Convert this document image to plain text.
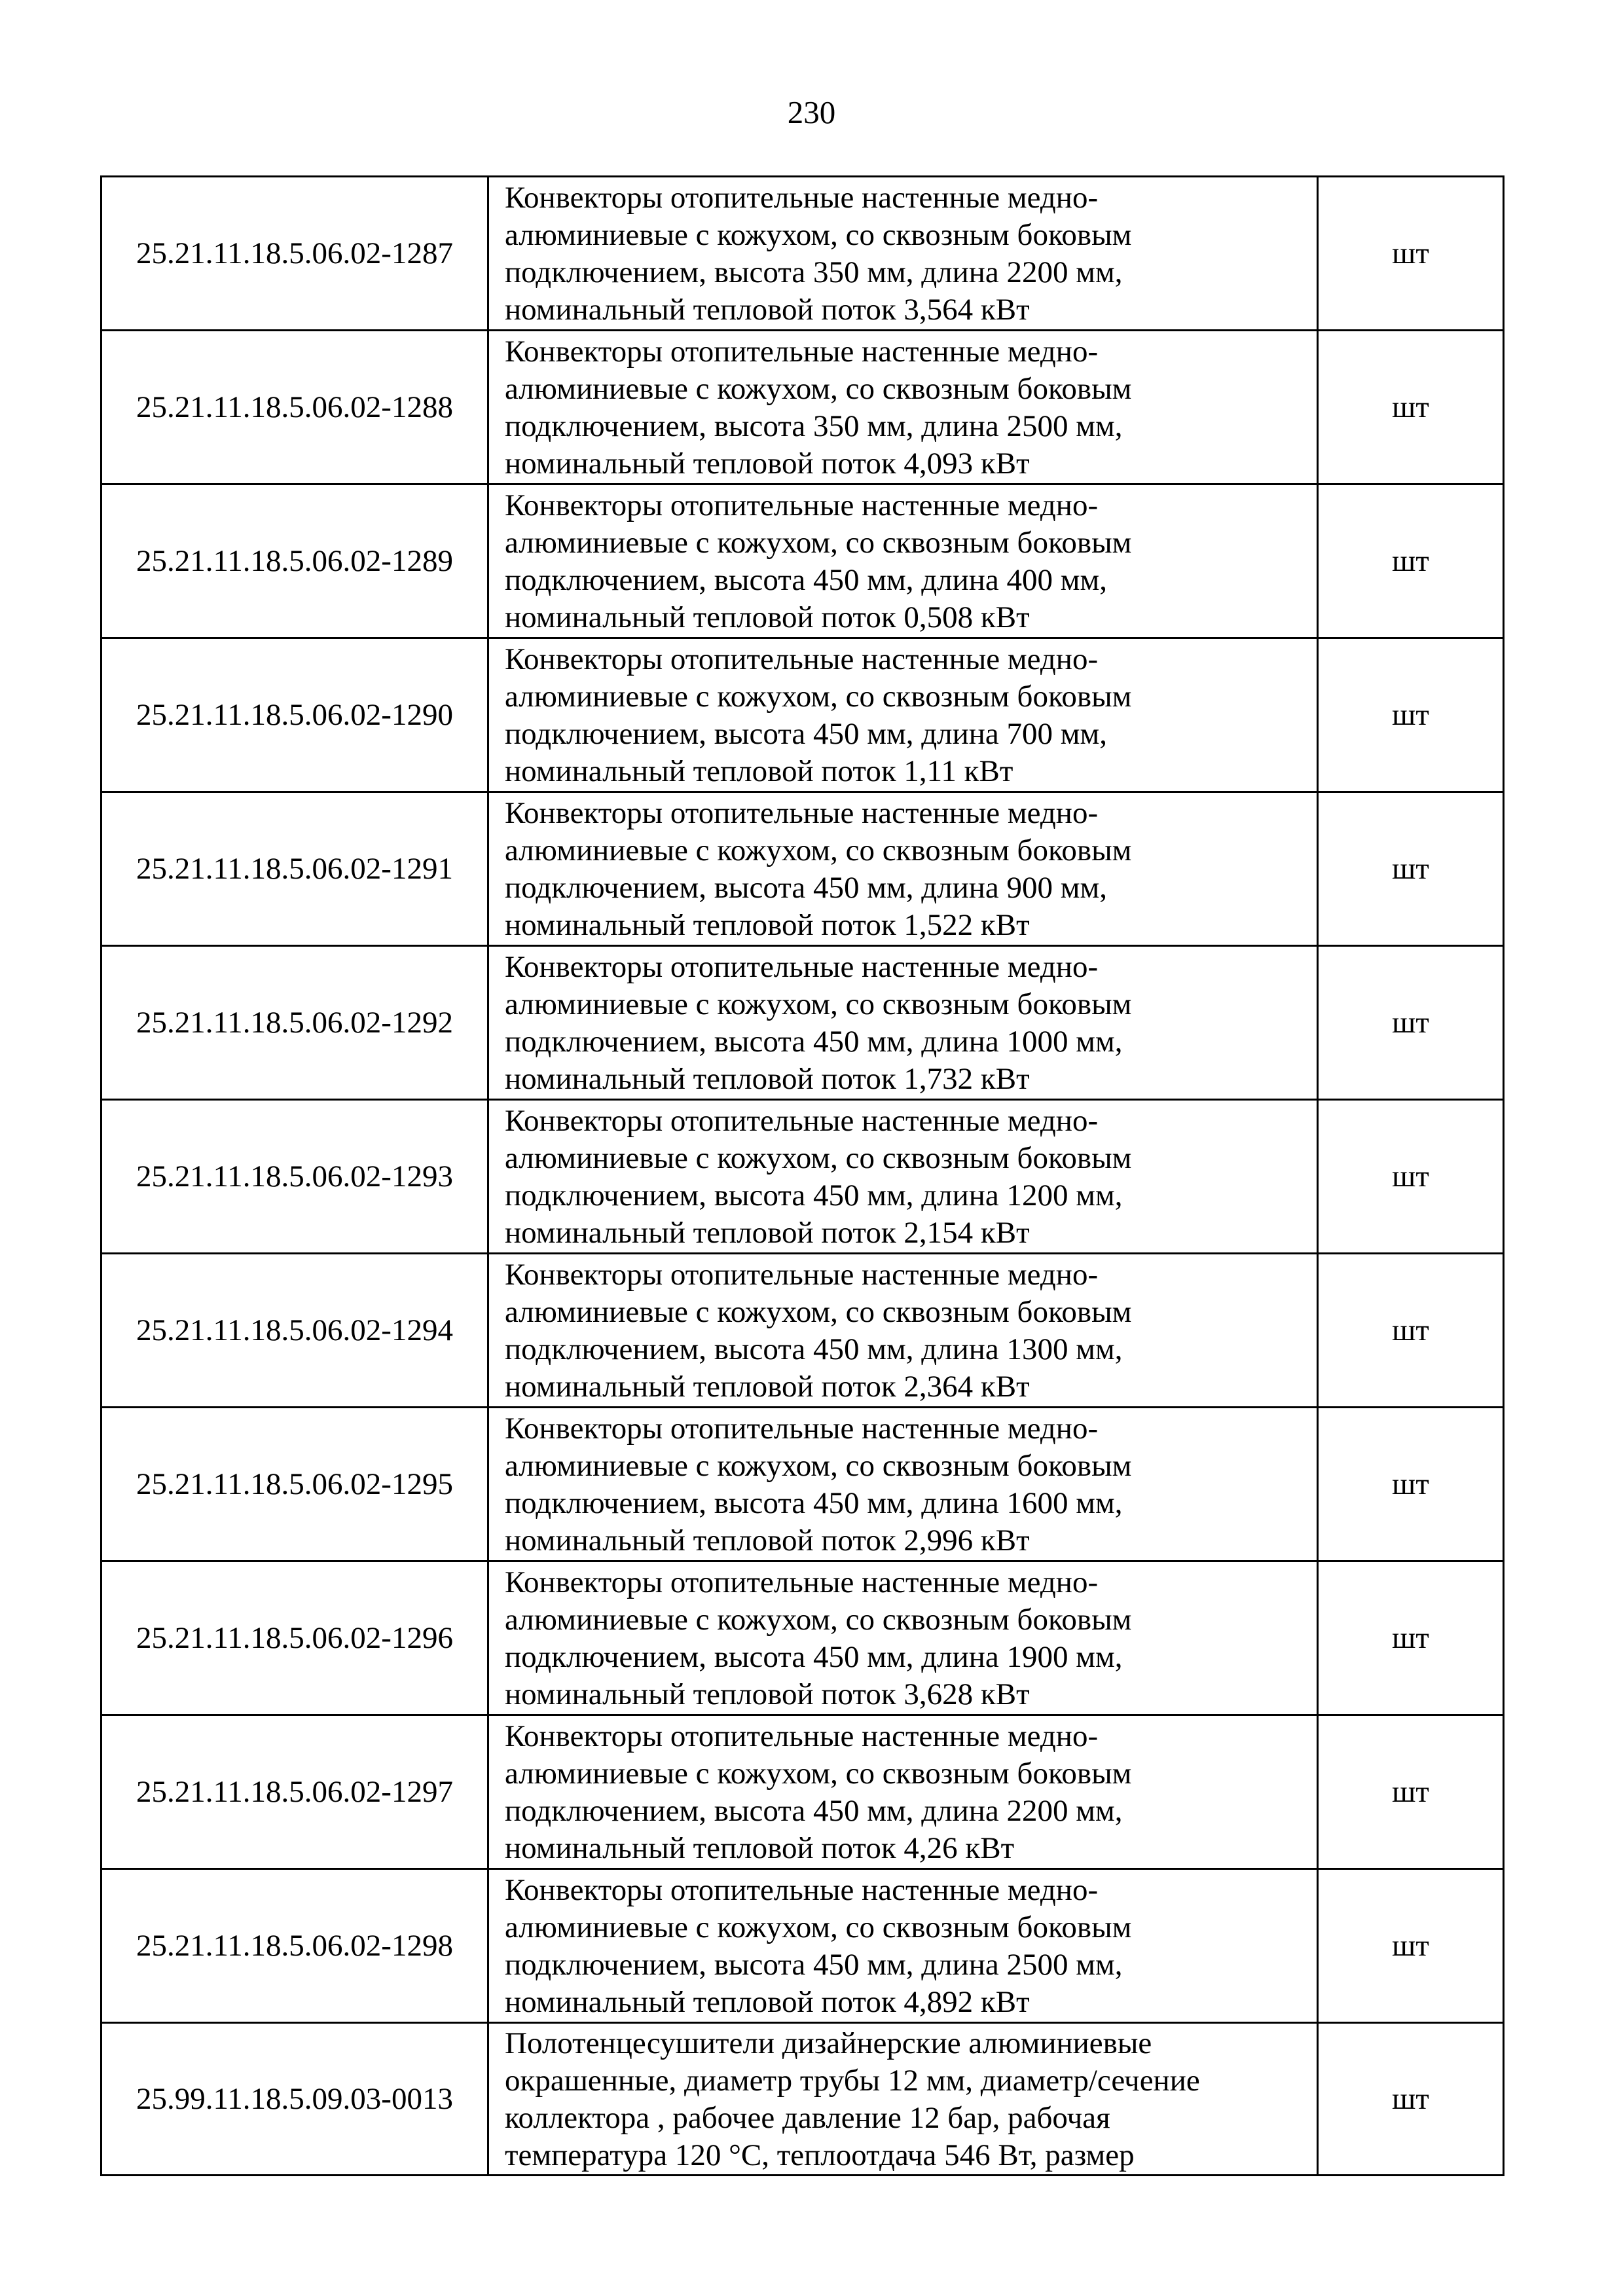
230
25.21.11.18.5.06.02-1287	Конвекторы отопительные настенные медно-
алюминиевые с кожухом, со сквозным боковым
подключением, высота 350 мм, длина 2200 мм,
номинальный тепловой поток 3,564 кВт	шт
25.21.11.18.5.06.02-1288	Конвекторы отопительные настенные медно-
алюминиевые с кожухом, со сквозным боковым
подключением, высота 350 мм, длина 2500 мм,
номинальный тепловой поток 4,093 кВт	шт
25.21.11.18.5.06.02-1289	Конвекторы отопительные настенные медно-
алюминиевые с кожухом, со сквозным боковым
подключением, высота 450 мм, длина 400 мм,
номинальный тепловой поток 0,508 кВт	шт
25.21.11.18.5.06.02-1290	Конвекторы отопительные настенные медно-
алюминиевые с кожухом, со сквозным боковым
подключением, высота 450 мм, длина 700 мм,
номинальный тепловой поток 1,11 кВт	шт
25.21.11.18.5.06.02-1291	Конвекторы отопительные настенные медно-
алюминиевые с кожухом, со сквозным боковым
подключением, высота 450 мм, длина 900 мм,
номинальный тепловой поток 1,522 кВт	шт
25.21.11.18.5.06.02-1292	Конвекторы отопительные настенные медно-
алюминиевые с кожухом, со сквозным боковым
подключением, высота 450 мм, длина 1000 мм,
номинальный тепловой поток 1,732 кВт	шт
25.21.11.18.5.06.02-1293	Конвекторы отопительные настенные медно-
алюминиевые с кожухом, со сквозным боковым
подключением, высота 450 мм, длина 1200 мм,
номинальный тепловой поток 2,154 кВт	шт
25.21.11.18.5.06.02-1294	Конвекторы отопительные настенные медно-
алюминиевые с кожухом, со сквозным боковым
подключением, высота 450 мм, длина 1300 мм,
номинальный тепловой поток 2,364 кВт	шт
25.21.11.18.5.06.02-1295	Конвекторы отопительные настенные медно-
алюминиевые с кожухом, со сквозным боковым
подключением, высота 450 мм, длина 1600 мм,
номинальный тепловой поток 2,996 кВт	шт
25.21.11.18.5.06.02-1296	Конвекторы отопительные настенные медно-
алюминиевые с кожухом, со сквозным боковым
подключением, высота 450 мм, длина 1900 мм,
номинальный тепловой поток 3,628 кВт	шт
25.21.11.18.5.06.02-1297	Конвекторы отопительные настенные медно-
алюминиевые с кожухом, со сквозным боковым
подключением, высота 450 мм, длина 2200 мм,
номинальный тепловой поток 4,26 кВт	шт
25.21.11.18.5.06.02-1298	Конвекторы отопительные настенные медно-
алюминиевые с кожухом, со сквозным боковым
подключением, высота 450 мм, длина 2500 мм,
номинальный тепловой поток 4,892 кВт	шт
25.99.11.18.5.09.03-0013	Полотенцесушители дизайнерские алюминиевые
окрашенные, диаметр трубы 12 мм, диаметр/сечение
коллектора , рабочее давление 12 бар, рабочая
температура 120 °С, теплоотдача 546 Вт, размер	шт
